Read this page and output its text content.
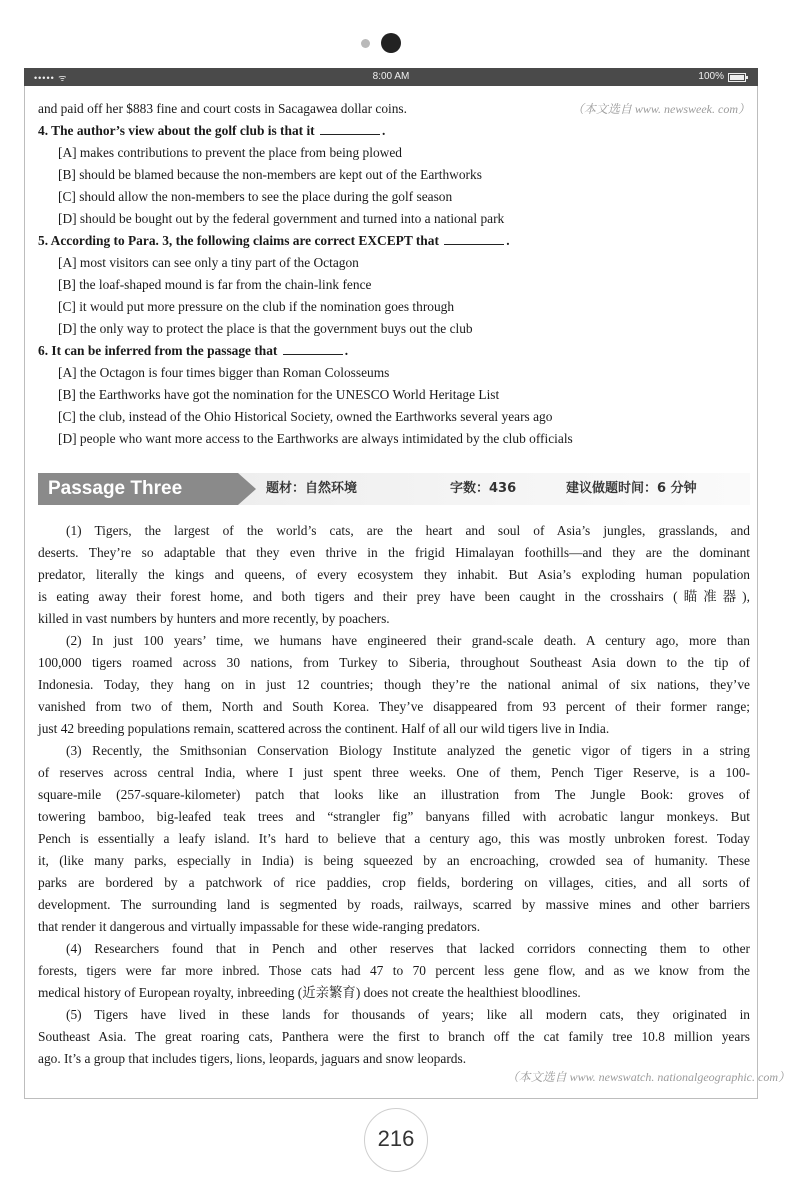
••••• ᯤ	8:00 AM	100%
and paid off her $883 fine and court costs in Sacagawea dollar coins.	（本文选自 www. newsweek. com）
4. The author’s view about the golf club is that it	.
[A] makes contributions to prevent the place from being plowed
[B] should be blamed because the non-members are kept out of the Earthworks
[C] should allow the non-members to see the place during the golf season
[D] should be bought out by the federal government and turned into a national park
5. According to Para. 3, the following claims are correct EXCEPT that	.
[A] most visitors can see only a tiny part of the Octagon
[B] the loaf-shaped mound is far from the chain-link fence
[C] it would put more pressure on the club if the nomination goes through
[D] the only way to protect the place is that the government buys out the club
6. It can be inferred from the passage that	.
[A] the Octagon is four times bigger than Roman Colosseums
[B] the Earthworks have got the nomination for the UNESCO World Heritage List
[C] the club, instead of the Ohio Historical Society, owned the Earthworks several years ago
[D] people who want more access to the Earthworks are always intimidated by the club officials
Passage Three	题材：自然环境	字数：436	建议做题时间：6 分钟
(1) Tigers, the largest of the world’s cats, are the heart and soul of Asia’s jungles, grasslands, and
deserts. They’re so adaptable that they even thrive in the frigid Himalayan foothills—and they are the dominant
predator, literally the kings and queens, of every ecosystem they inhabit. But Asia’s exploding human population
is eating away their forest home, and both tigers and their prey have been caught in the crosshairs (瞄准器),
killed in vast numbers by hunters and more recently, by poachers.
(2) In just 100 years’ time, we humans have engineered their grand-scale death. A century ago, more than
100,000 tigers roamed across 30 nations, from Turkey to Siberia, throughout Southeast Asia down to the tip of
Indonesia. Today, they hang on in just 12 countries; though they’re the national animal of six nations, they’ve
vanished from two of them, North and South Korea. They’ve disappeared from 93 percent of their former range;
just 42 breeding populations remain, scattered across the continent. Half of all our wild tigers live in India.
(3) Recently, the Smithsonian Conservation Biology Institute analyzed the genetic vigor of tigers in a string
of reserves across central India, where I just spent three weeks. One of them, Pench Tiger Reserve, is a 100-
square-mile (257-square-kilometer) patch that looks like an illustration from The Jungle Book: groves of
towering bamboo, big-leafed teak trees and “strangler fig” banyans filled with acrobatic langur monkeys. But
Pench is essentially a leafy island. It’s hard to believe that a century ago, this was mostly unbroken forest. Today
it, (like many parks, especially in India) is being squeezed by an encroaching, crowded sea of humanity. These
parks are bordered by a patchwork of rice paddies, crop fields, bordering on villages, cities, and all sorts of
development. The surrounding land is segmented by roads, railways, scarred by massive mines and other barriers
that render it dangerous and virtually impassable for these wide-ranging predators.
(4) Researchers found that in Pench and other reserves that lacked corridors connecting them to other
forests, tigers were far more inbred. Those cats had 47 to 70 percent less gene flow, and as we know from the
medical history of European royalty, inbreeding (近亲繁育) does not create the healthiest bloodlines.
(5) Tigers have lived in these lands for thousands of years; like all modern cats, they originated in
Southeast Asia. The great roaring cats, Panthera were the first to branch off the cat family tree 10.8 million years
ago. It’s a group that includes tigers, lions, leopards, jaguars and snow leopards.
（本文选自 www. newswatch. nationalgeographic. com）
216
